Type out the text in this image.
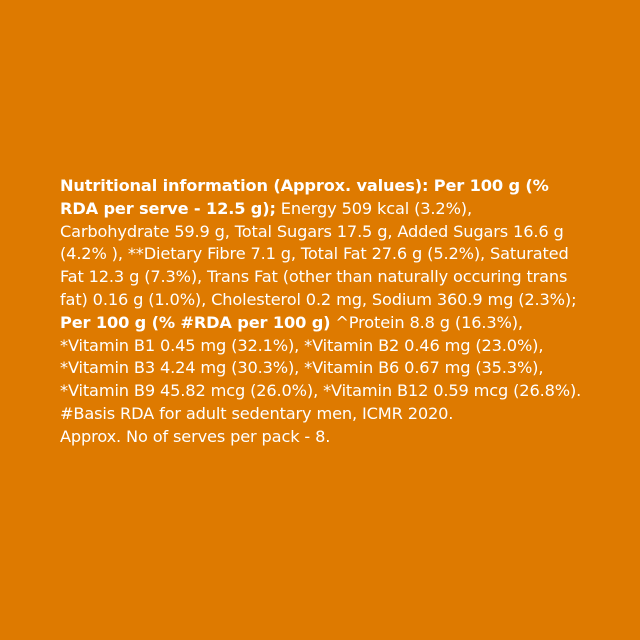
Nutritional information (Approx. values): Per 100 g (% RDA per serve - 12.5 g); Energy 509 kcal (3.2%), Carbohydrate 59.9 g, Total Sugars 17.5 g, Added Sugars 16.6 g (4.2% ), **Dietary Fibre 7.1 g, Total Fat 27.6 g (5.2%), Saturated Fat 12.3 g (7.3%), Trans Fat (other than naturally occuring trans fat) 0.16 g (1.0%), Cholesterol 0.2 mg, Sodium 360.9 mg (2.3%); Per 100 g (% #RDA per 100 g) ^Protein 8.8 g (16.3%), *Vitamin B1 0.45 mg (32.1%), *Vitamin B2 0.46 mg (23.0%), *Vitamin B3 4.24 mg (30.3%), *Vitamin B6 0.67 mg (35.3%), *Vitamin B9 45.82 mcg (26.0%), *Vitamin B12 0.59 mcg (26.8%).

#Basis RDA for adult sedentary men, ICMR 2020.

Approx. No of serves per pack - 8.
